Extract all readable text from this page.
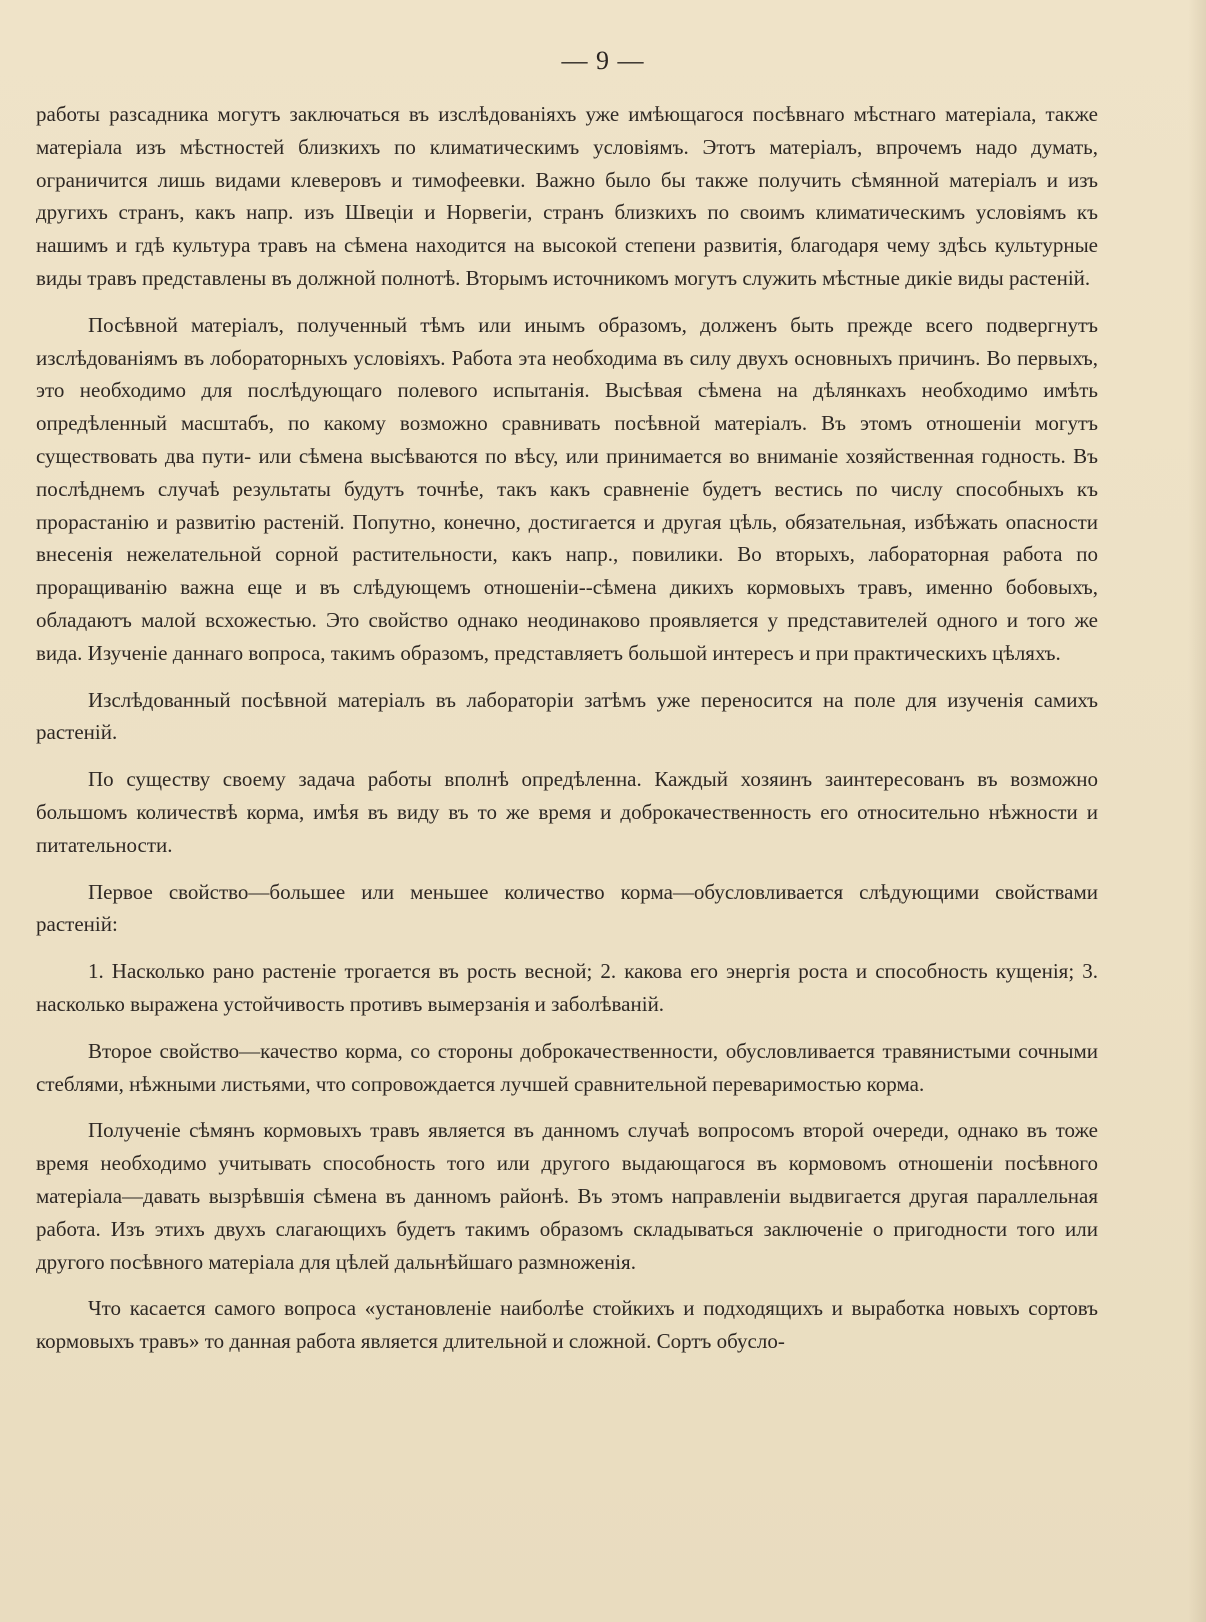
— 9 —

работы разсадника могутъ заключаться въ изслѣдованіяхъ уже имѣющагося посѣвнаго мѣстнаго матеріала, также матеріала изъ мѣстностей близкихъ по климатическимъ условіямъ. Этотъ матеріалъ, впрочемъ надо думать, ограничится лишь видами клеверовъ и тимофеевки. Важно было бы также получить сѣмянной матеріалъ и изъ другихъ странъ, какъ напр. изъ Швеціи и Норвегіи, странъ близкихъ по своимъ климатическимъ условіямъ къ нашимъ и гдѣ культура травъ на сѣмена находится на высокой степени развитія, благодаря чему здѣсь культурные виды травъ представлены въ должной полнотѣ. Вторымъ источникомъ могутъ служить мѣстные дикіе виды растеній.

Посѣвной матеріалъ, полученный тѣмъ или инымъ образомъ, долженъ быть прежде всего подвергнутъ изслѣдованіямъ въ лобораторныхъ условіяхъ. Работа эта необходима въ силу двухъ основныхъ причинъ. Во первыхъ, это необходимо для послѣдующаго полевого испытанія. Высѣвая сѣмена на дѣлянкахъ необходимо имѣть опредѣленный масштабъ, по какому возможно сравнивать посѣвной матеріалъ. Въ этомъ отношеніи могутъ существовать два пути- или сѣмена высѣваются по вѣсу, или принимается во вниманіе хозяйственная годность. Въ послѣднемъ случаѣ результаты будутъ точнѣе, такъ какъ сравненіе будетъ вестись по числу способныхъ къ прорастанію и развитію растеній. Попутно, конечно, достигается и другая цѣль, обязательная, избѣжать опасности внесенія нежелательной сорной растительности, какъ напр., повилики. Во вторыхъ, лабораторная работа по проращиванію важна еще и въ слѣдующемъ отношеніи--сѣмена дикихъ кормовыхъ травъ, именно бобовыхъ, обладаютъ малой всхожестью. Это свойство однако неодинаково проявляется у представителей одного и того же вида. Изученіе даннаго вопроса, такимъ образомъ, представляетъ большой интересъ и при практическихъ цѣляхъ.

Изслѣдованный посѣвной матеріалъ въ лабораторіи затѣмъ уже переносится на поле для изученія самихъ растеній.

По существу своему задача работы вполнѣ опредѣленна. Каждый хозяинъ заинтересованъ въ возможно большомъ количествѣ корма, имѣя въ виду въ то же время и доброкачественность его относительно нѣжности и питательности.

Первое свойство—большее или меньшее количество корма—обусловливается слѣдующими свойствами растеній:

1. Насколько рано растеніе трогается въ рость весной; 2. какова его энергія роста и способность кущенія; 3. насколько выражена устойчивость противъ вымерзанія и заболѣваній.

Второе свойство—качество корма, со стороны доброкачественности, обусловливается травянистыми сочными стеблями, нѣжными листьями, что сопровождается лучшей сравнительной переваримостью корма.

Полученіе сѣмянъ кормовыхъ травъ является въ данномъ случаѣ вопросомъ второй очереди, однако въ тоже время необходимо учитывать способность того или другого выдающагося въ кормовомъ отношеніи посѣвного матеріала—давать вызрѣвшія сѣмена въ данномъ районѣ. Въ этомъ направленіи выдвигается другая параллельная работа. Изъ этихъ двухъ слагающихъ будетъ такимъ образомъ складываться заключеніе о пригодности того или другого посѣвного матеріала для цѣлей дальнѣйшаго размноженія.

Что касается самого вопроса «установленіе наиболѣе стойкихъ и подходящихъ и выработка новыхъ сортовъ кормовыхъ травъ» то данная работа является длительной и сложной. Сортъ обусло-
